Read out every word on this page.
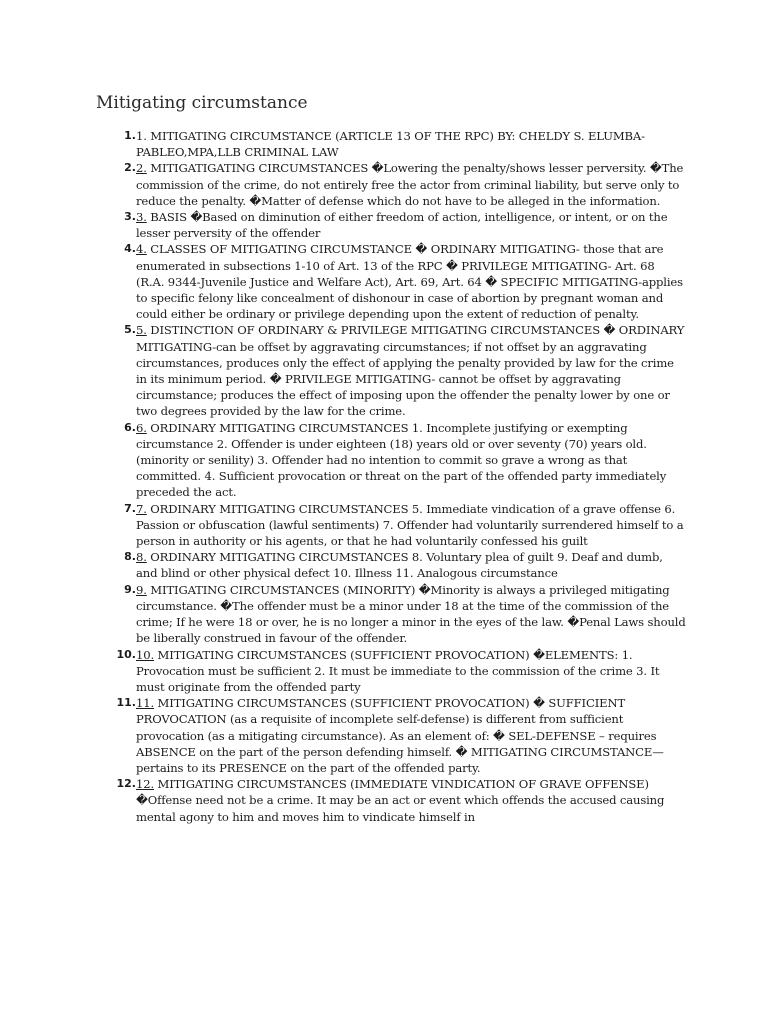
Mitigating circumstance
1. 1. MITIGATING CIRCUMSTANCE (ARTICLE 13 OF THE RPC) BY: CHELDY S. ELUMBA-PABLEO,MPA,LLB CRIMINAL LAW
2. 2. MITIGATIGATING CIRCUMSTANCES �Lowering the penalty/shows lesser perversity. �The commission of the crime, do not entirely free the actor from criminal liability, but serve only to reduce the penalty. �Matter of defense which do not have to be alleged in the information.
3. 3. BASIS �Based on diminution of either freedom of action, intelligence, or intent, or on the lesser perversity of the offender
4. 4. CLASSES OF MITIGATING CIRCUMSTANCE � ORDINARY MITIGATING- those that are enumerated in subsections 1-10 of Art. 13 of the RPC � PRIVILEGE MITIGATING- Art. 68 (R.A. 9344-Juvenile Justice and Welfare Act), Art. 69, Art. 64 � SPECIFIC MITIGATING-applies to specific felony like concealment of dishonour in case of abortion by pregnant woman and could either be ordinary or privilege depending upon the extent of reduction of penalty.
5. 5. DISTINCTION OF ORDINARY & PRIVILEGE MITIGATING CIRCUMSTANCES � ORDINARY MITIGATING-can be offset by aggravating circumstances; if not offset by an aggravating circumstances, produces only the effect of applying the penalty provided by law for the crime in its minimum period. � PRIVILEGE MITIGATING- cannot be offset by aggravating circumstance; produces the effect of imposing upon the offender the penalty lower by one or two degrees provided by the law for the crime.
6. 6. ORDINARY MITIGATING CIRCUMSTANCES 1. Incomplete justifying or exempting circumstance 2. Offender is under eighteen (18) years old or over seventy (70) years old. (minority or senility) 3. Offender had no intention to commit so grave a wrong as that committed. 4. Sufficient provocation or threat on the part of the offended party immediately preceded the act.
7. 7. ORDINARY MITIGATING CIRCUMSTANCES 5. Immediate vindication of a grave offense 6. Passion or obfuscation (lawful sentiments) 7. Offender had voluntarily surrendered himself to a person in authority or his agents, or that he had voluntarily confessed his guilt
8. 8. ORDINARY MITIGATING CIRCUMSTANCES 8. Voluntary plea of guilt 9. Deaf and dumb, and blind or other physical defect 10. Illness 11. Analogous circumstance
9. 9. MITIGATING CIRCUMSTANCES (MINORITY) �Minority is always a privileged mitigating circumstance. �The offender must be a minor under 18 at the time of the commission of the crime; If he were 18 or over, he is no longer a minor in the eyes of the law. �Penal Laws should be liberally construed in favour of the offender.
10. 10. MITIGATING CIRCUMSTANCES (SUFFICIENT PROVOCATION) �ELEMENTS: 1. Provocation must be sufficient 2. It must be immediate to the commission of the crime 3. It must originate from the offended party
11. 11. MITIGATING CIRCUMSTANCES (SUFFICIENT PROVOCATION) � SUFFICIENT PROVOCATION (as a requisite of incomplete self-defense) is different from sufficient provocation (as a mitigating circumstance). As an element of: � SEL-DEFENSE – requires ABSENCE on the part of the person defending himself. � MITIGATING CIRCUMSTANCE—pertains to its PRESENCE on the part of the offended party.
12. 12. MITIGATING CIRCUMSTANCES (IMMEDIATE VINDICATION OF GRAVE OFFENSE) �Offense need not be a crime. It may be an act or event which offends the accused causing mental agony to him and moves him to vindicate himself in
